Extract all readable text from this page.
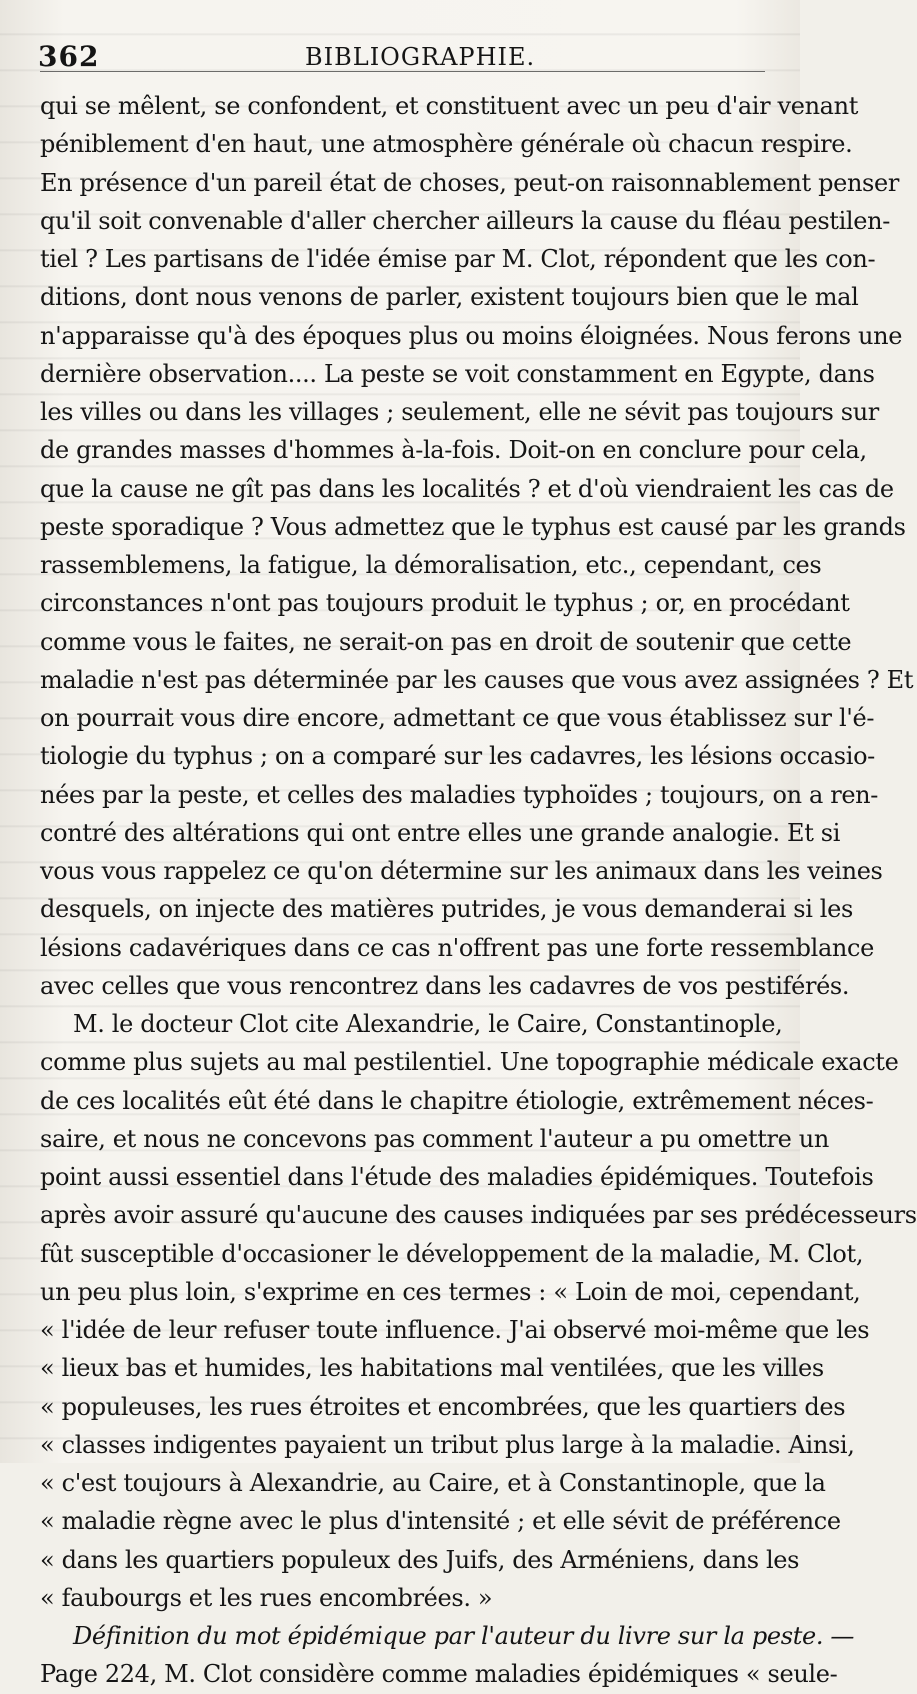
362	BIBLIOGRAPHIE.
qui se mêlent, se confondent, et constituent avec un peu d'air venant
péniblement d'en haut, une atmosphère générale où chacun respire.
En présence d'un pareil état de choses, peut-on raisonnablement penser
qu'il soit convenable d'aller chercher ailleurs la cause du fléau pestilen-
tiel ? Les partisans de l'idée émise par M. Clot, répondent que les con-
ditions, dont nous venons de parler, existent toujours bien que le mal
n'apparaisse qu'à des époques plus ou moins éloignées. Nous ferons une
dernière observation.... La peste se voit constamment en Egypte, dans
les villes ou dans les villages ; seulement, elle ne sévit pas toujours sur
de grandes masses d'hommes à-la-fois. Doit-on en conclure pour cela,
que la cause ne gît pas dans les localités ? et d'où viendraient les cas de
peste sporadique ? Vous admettez que le typhus est causé par les grands
rassemblemens, la fatigue, la démoralisation, etc., cependant, ces
circonstances n'ont pas toujours produit le typhus ; or, en procédant
comme vous le faites, ne serait-on pas en droit de soutenir que cette
maladie n'est pas déterminée par les causes que vous avez assignées ? Et
on pourrait vous dire encore, admettant ce que vous établissez sur l'é-
tiologie du typhus ; on a comparé sur les cadavres, les lésions occasio-
nées par la peste, et celles des maladies typhoïdes ; toujours, on a ren-
contré des altérations qui ont entre elles une grande analogie. Et si
vous vous rappelez ce qu'on détermine sur les animaux dans les veines
desquels, on injecte des matières putrides, je vous demanderai si les
lésions cadavériques dans ce cas n'offrent pas une forte ressemblance
avec celles que vous rencontrez dans les cadavres de vos pestiférés.
M. le docteur Clot cite Alexandrie, le Caire, Constantinople,
comme plus sujets au mal pestilentiel. Une topographie médicale exacte
de ces localités eût été dans le chapitre étiologie, extrêmement néces-
saire, et nous ne concevons pas comment l'auteur a pu omettre un
point aussi essentiel dans l'étude des maladies épidémiques. Toutefois
après avoir assuré qu'aucune des causes indiquées par ses prédécesseurs
fût susceptible d'occasioner le développement de la maladie, M. Clot,
un peu plus loin, s'exprime en ces termes : « Loin de moi, cependant,
« l'idée de leur refuser toute influence. J'ai observé moi-même que les
« lieux bas et humides, les habitations mal ventilées, que les villes
« populeuses, les rues étroites et encombrées, que les quartiers des
« classes indigentes payaient un tribut plus large à la maladie. Ainsi,
« c'est toujours à Alexandrie, au Caire, et à Constantinople, que la
« maladie règne avec le plus d'intensité ; et elle sévit de préférence
« dans les quartiers populeux des Juifs, des Arméniens, dans les
« faubourgs et les rues encombrées. »
Définition du mot épidémique par l'auteur du livre sur la peste. —
Page 224, M. Clot considère comme maladies épidémiques « seule-
